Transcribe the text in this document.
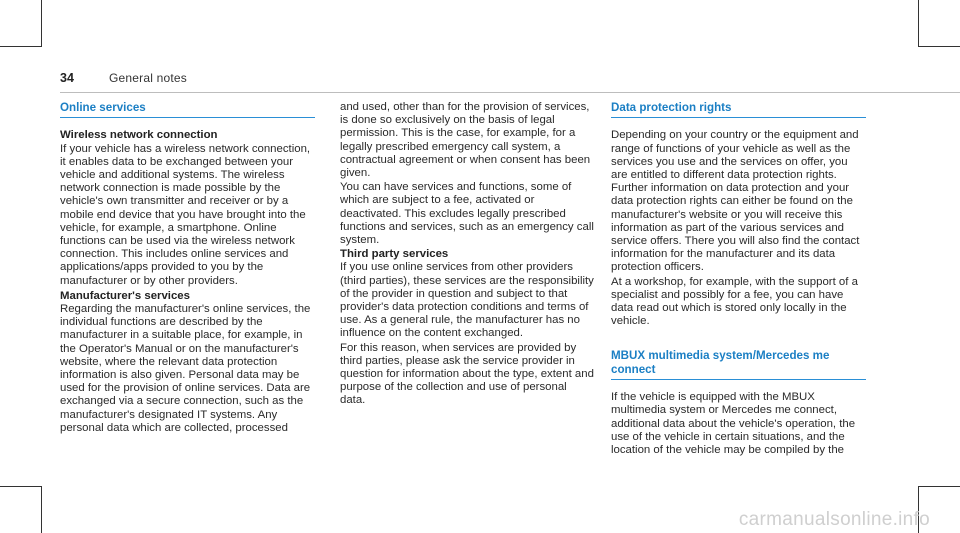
34	General notes
Online services

Wireless network connection

If your vehicle has a wireless network connection, it enables data to be exchanged between your vehicle and additional systems. The wireless network connection is made possible by the vehicle's own transmitter and receiver or by a mobile end device that you have brought into the vehicle, for example, a smartphone. Online functions can be used via the wireless network connection. This includes online services and applications/apps provided to you by the manufacturer or by other providers.

Manufacturer's services

Regarding the manufacturer's online services, the individual functions are described by the manufacturer in a suitable place, for example, in the Operator's Manual or on the manufacturer's website, where the relevant data protection information is also given. Personal data may be used for the provision of online services. Data are exchanged via a secure connection, such as the manufacturer's designated IT systems. Any personal data which are collected, processed

and used, other than for the provision of services, is done so exclusively on the basis of legal permission. This is the case, for example, for a legally prescribed emergency call system, a contractual agreement or when consent has been given.

You can have services and functions, some of which are subject to a fee, activated or deactivated. This excludes legally prescribed functions and services, such as an emergency call system.

Third party services

If you use online services from other providers (third parties), these services are the responsibility of the provider in question and subject to that provider's data protection conditions and terms of use. As a general rule, the manufacturer has no influence on the content exchanged.

For this reason, when services are provided by third parties, please ask the service provider in question for information about the type, extent and purpose of the collection and use of personal data.

Data protection rights

Depending on your country or the equipment and range of functions of your vehicle as well as the services you use and the services on offer, you are entitled to different data protection rights. Further information on data protection and your data protection rights can either be found on the manufacturer's website or you will receive this information as part of the various services and service offers. There you will also find the contact information for the manufacturer and its data protection officers.

At a workshop, for example, with the support of a specialist and possibly for a fee, you can have data read out which is stored only locally in the vehicle.

MBUX multimedia system/Mercedes me connect

If the vehicle is equipped with the MBUX multimedia system or Mercedes me connect, additional data about the vehicle's operation, the use of the vehicle in certain situations, and the location of the vehicle may be compiled by the

carmanualsonline.info
